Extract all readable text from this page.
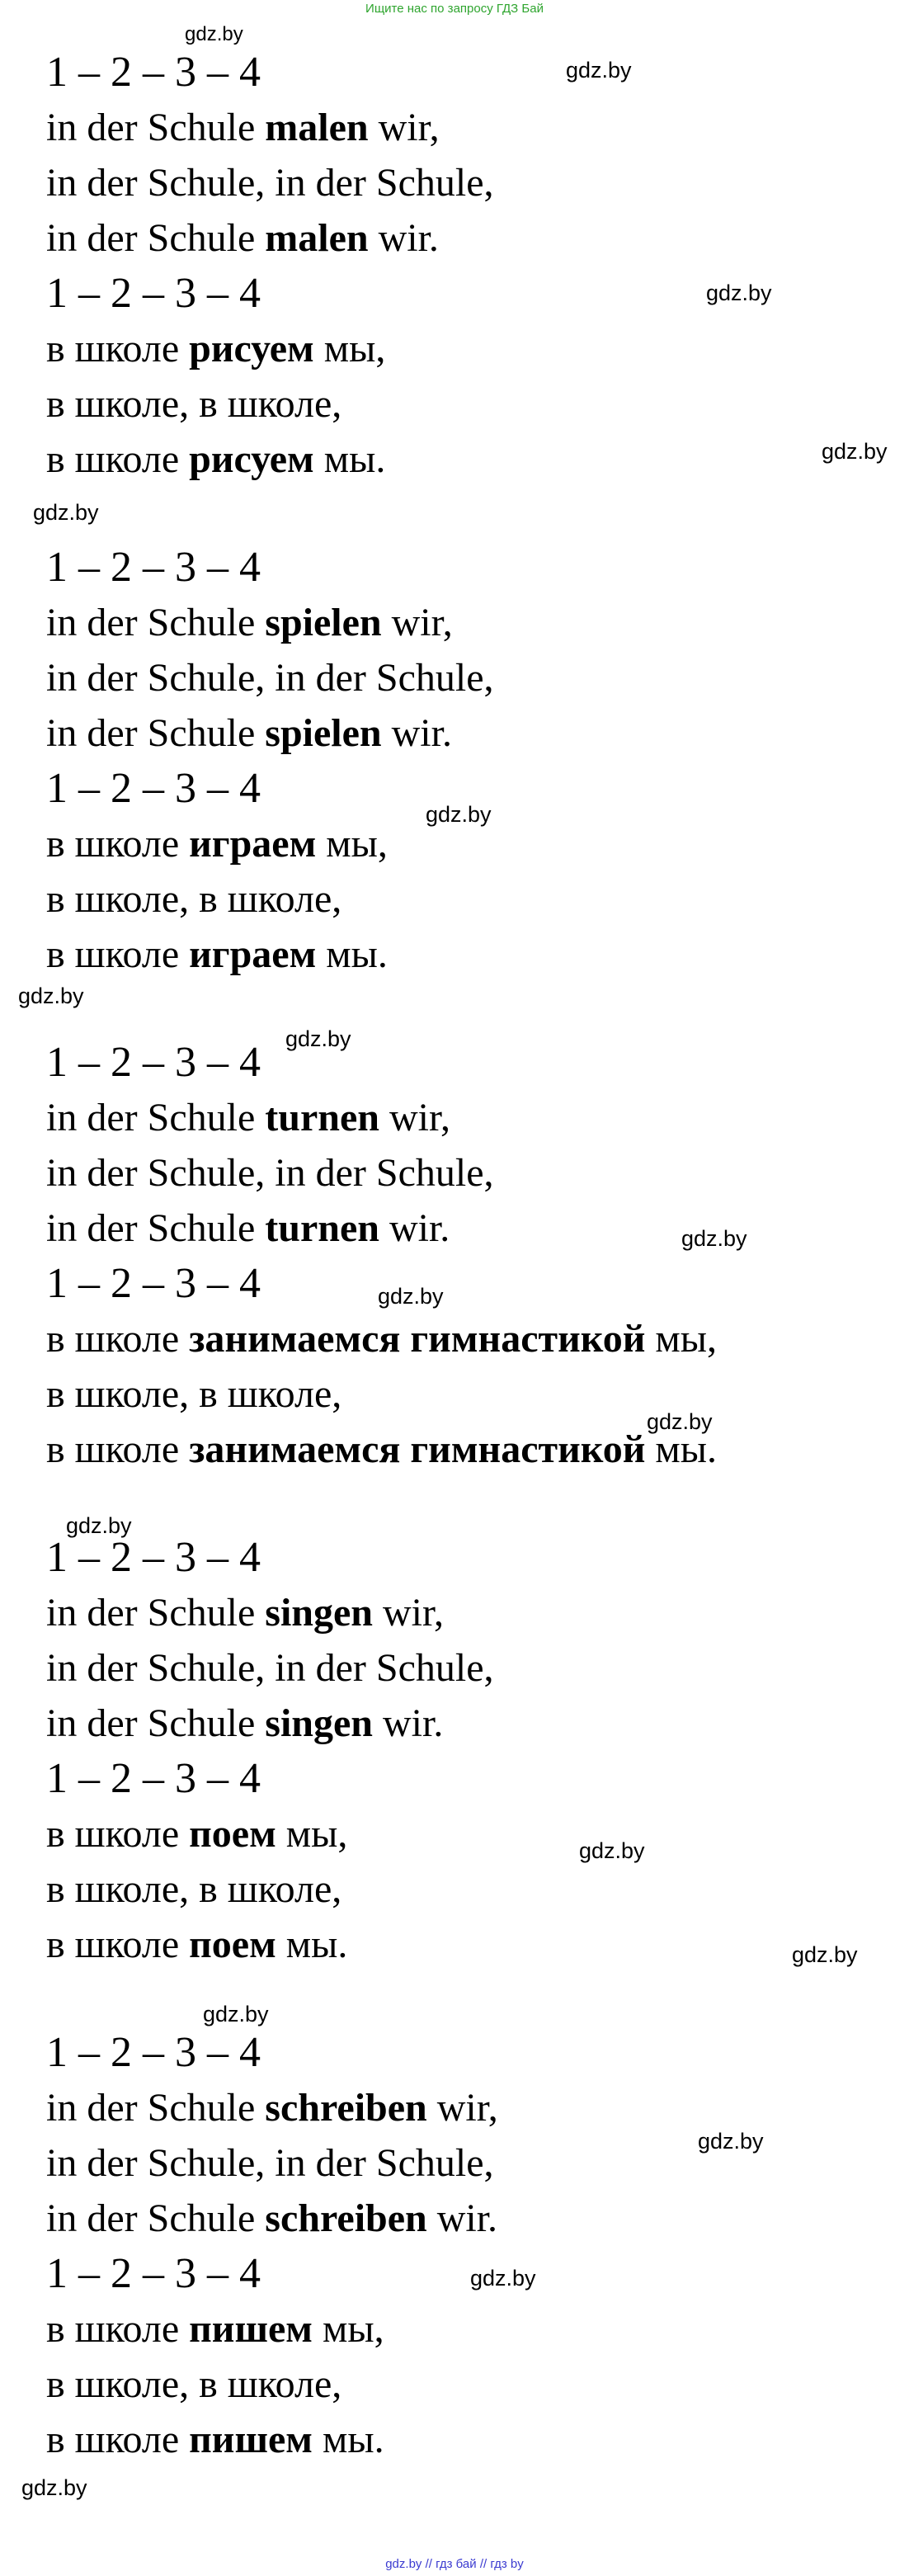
Ищите нас по запросу ГДЗ Бай
gdz.by
gdz.by
gdz.by
gdz.by
gdz.by
gdz.by
gdz.by
gdz.by
gdz.by
gdz.by
gdz.by
gdz.by
gdz.by
gdz.by
gdz.by
gdz.by
gdz.by
gdz.by
1 – 2 – 3 – 4
in der Schule malen wir,
in der Schule, in der Schule,
in der Schule malen wir.
1 – 2 – 3 – 4
в школе рисуем мы,
в школе, в школе,
в школе рисуем мы.
1 – 2 – 3 – 4
in der Schule spielen wir,
in der Schule, in der Schule,
in der Schule spielen wir.
1 – 2 – 3 – 4
в школе играем мы,
в школе, в школе,
в школе играем мы.
1 – 2 – 3 – 4
in der Schule turnen wir,
in der Schule, in der Schule,
in der Schule turnen wir.
1 – 2 – 3 – 4
в школе занимаемся гимнастикой мы,
в школе, в школе,
в школе занимаемся гимнастикой мы.
1 – 2 – 3 – 4
in der Schule singen wir,
in der Schule, in der Schule,
in der Schule singen wir.
1 – 2 – 3 – 4
в школе поем мы,
в школе, в школе,
в школе поем мы.
1 – 2 – 3 – 4
in der Schule schreiben wir,
in der Schule, in der Schule,
in der Schule schreiben wir.
1 – 2 – 3 – 4
в школе пишем мы,
в школе, в школе,
в школе пишем мы.
gdz.by // гдз бай // гдз by
